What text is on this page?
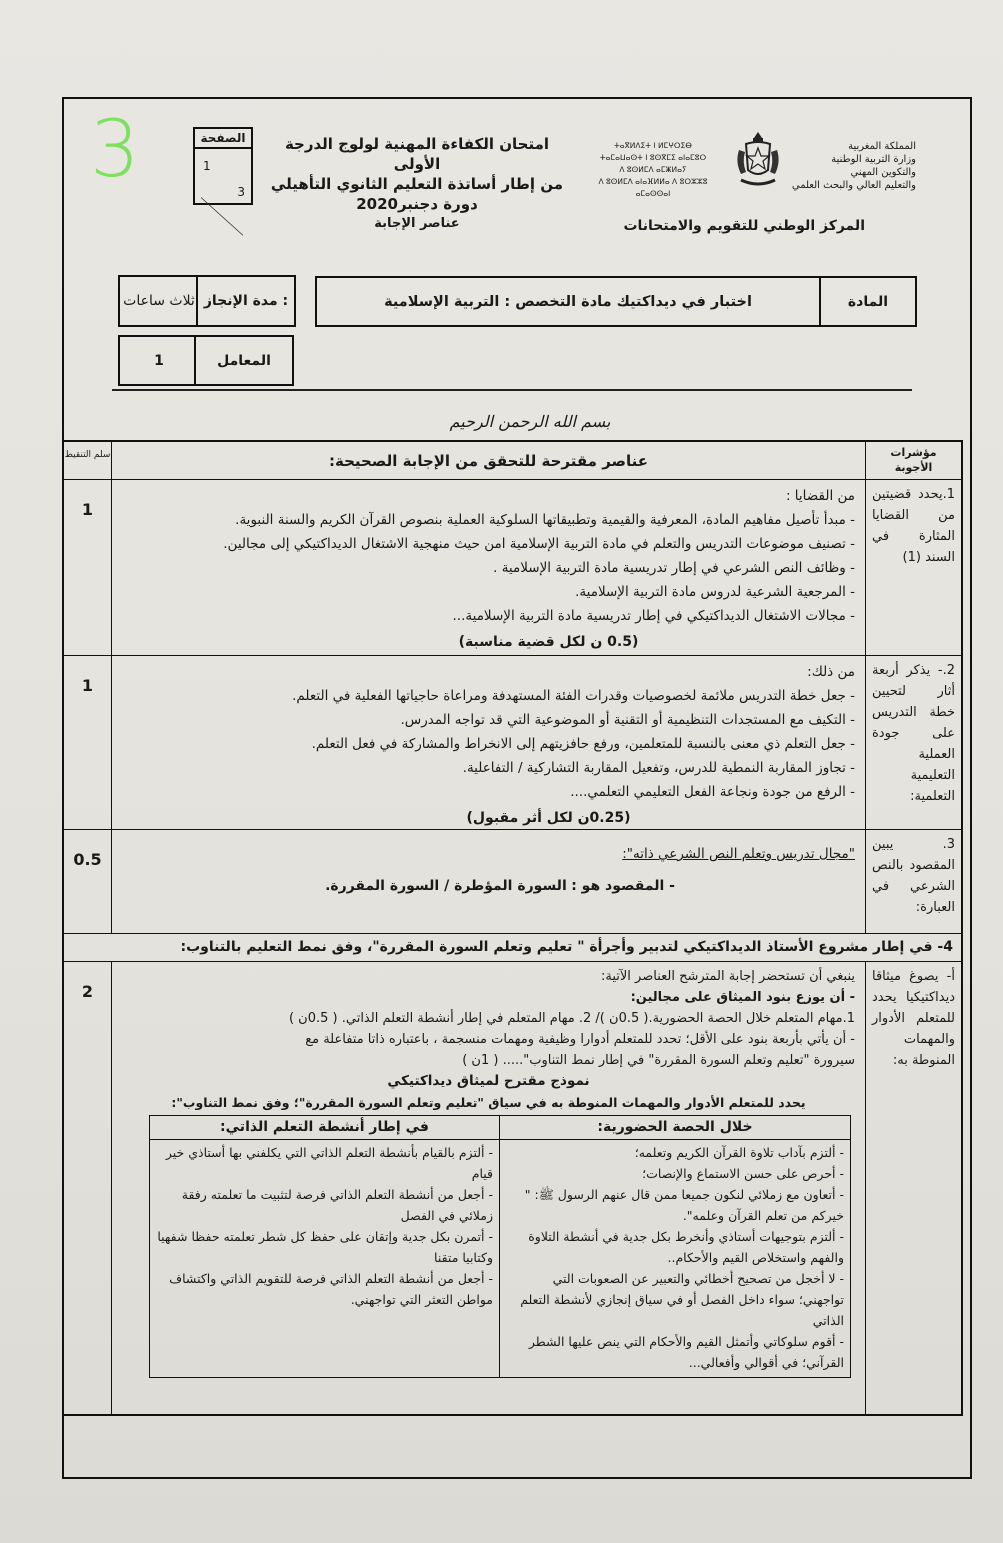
3	الصفحة
1
3
امتحان الكفاءة المهنية لولوج الدرجة الأولى
من إطار أساتذة التعليم الثانوي التأهيلي
دورة دجنبر2020
عناصر الإجابة
ⵜⴰⴳⵍⴷⵉⵜ ⵏ ⵍⵎⵖⵔⵉⴱ
ⵜⴰⵎⴰⵡⴰⵙⵜ ⵏ ⵓⵙⴳⵎⵉ ⴰⵏⴰⵎⵓⵔ
ⴷ ⵓⵙⵍⵎⴷ ⴰⵎⵥⵍⴰⵢ
ⴷ ⵓⵙⵍⵎⴷ ⴰⵏⴰⴼⵍⵍⴰ ⴷ ⵓⵔⵣⵣⵓ ⴰⵎⴰⵙⵙⴰⵏ
المملكة المغربية
وزارة التربية الوطنية
والتكوين المهني
والتعليم العالي والبحث العلمي
المركز الوطني للتقويم والامتحانات
مدة الإنجاز :
ثلاث ساعات
المعامل
1
المادة
اختبار في ديداكتيك مادة التخصص : التربية الإسلامية
بسم الله الرحمن الرحيم
مؤشرات الأجوبة
عناصر مقترحة للتحقق من الإجابة الصحيحة:
سلم التنقيط
1.يحدد قضيتين من القضايا المثارة في السند (1)
من القضايا :
- مبدأ تأصيل مفاهيم المادة، المعرفية والقيمية وتطبيقاتها السلوكية العملية بنصوص القرآن الكريم والسنة النبوية.
- تصنيف موضوعات التدريس والتعلم في مادة التربية الإسلامية امن حيث منهجية الاشتغال الديداكتيكي إلى مجالين.
- وظائف النص الشرعي في إطار تدريسية مادة التربية الإسلامية .
- المرجعية الشرعية لدروس مادة التربية الإسلامية.
- مجالات الاشتغال الديداكتيكي في إطار تدريسية مادة التربية الإسلامية...
(0.5 ن لكل قضية مناسبة)
1
2.- يذكر أربعة أثار لتحيين خطة التدريس على جودة العملية التعليمية التعلمية:
من ذلك:
- جعل خطة التدريس ملائمة لخصوصيات وقدرات الفئة المستهدفة ومراعاة حاجياتها الفعلية في التعلم.
- التكيف مع المستجدات التنظيمية أو التقنية أو الموضوعية التي قد تواجه المدرس.
- جعل التعلم ذي معنى بالنسبة للمتعلمين، ورفع حافزيتهم إلى الانخراط والمشاركة في فعل التعلم.
- تجاوز المقاربة النمطية للدرس، وتفعيل المقاربة التشاركية / التفاعلية.
- الرفع من جودة ونجاعة الفعل التعليمي التعلمي....
(0.25ن لكل أثر مقبول)
1
3. يبين المقصود بالنص الشرعي في العبارة:
"مجال تدريس وتعلم النص الشرعي ذاته":
- المقصود هو : السورة المؤطرة / السورة المقررة.
0.5
4- في إطار مشروع الأستاذ الديداكتيكي لتدبير وأجرأة " تعليم وتعلم السورة المقررة"، وفق نمط التعليم بالتناوب:
أ- يصوغ ميثاقا ديداكتيكيا يحدد للمتعلم الأدوار والمهمات المنوطة به:
ينبغي أن تستحضر إجابة المترشح العناصر الآتية:
- أن يوزع بنود الميثاق على مجالين:
1.مهام المتعلم خلال الحصة الحضورية.( 0.5ن )/ 2. مهام المتعلم في إطار أنشطة التعلم الذاتي. ( 0.5ن )
- أن يأتي بأربعة بنود على الأقل؛ تحدد للمتعلم أدوارا وظيفية ومهمات منسجمة ، باعتباره ذاتا متفاعلة مع
سيرورة "تعليم وتعلم السورة المقررة" في إطار نمط التناوب"..... ( 1ن )
نموذج مقترح لميثاق ديداكتيكي
يحدد للمتعلم الأدوار والمهمات المنوطة به في سياق "تعليم وتعلم السورة المقررة"؛ وفق نمط التناوب":
خلال الحصة الحضورية:
- ألتزم بآداب تلاوة القرآن الكريم وتعلمه؛
- أحرص على حسن الاستماع والإنصات؛
- أتعاون مع زملائي لنكون جميعا ممن قال عنهم الرسول ﷺ: " خيركم من تعلم القرآن وعلمه".
- ألتزم بتوجيهات أستاذي وأنخرط بكل جدية في أنشطة التلاوة والفهم واستخلاص القيم والأحكام..
- لا أخجل من تصحيح أخطائي والتعبير عن الصعوبات التي تواجهني؛ سواء داخل الفصل أو في سياق إنجازي لأنشطة التعلم الذاتي
- أقوم سلوكاتي وأتمثل القيم والأحكام التي ينص عليها الشطر القرآني؛ في أقوالي وأفعالي...
في إطار أنشطة التعلم الذاتي:
- ألتزم بالقيام بأنشطة التعلم الذاتي التي يكلفني بها أستاذي خير قيام
- أجعل من أنشطة التعلم الذاتي فرصة لتثبيت ما تعلمته رفقة زملائي في الفصل
- أتمرن بكل جدية وإتقان على حفظ كل شطر تعلمته حفظا شفهيا وكتابيا متقنا
- أجعل من أنشطة التعلم الذاتي فرصة للتقويم الذاتي واكتشاف مواطن التعثر التي تواجهني.
2
